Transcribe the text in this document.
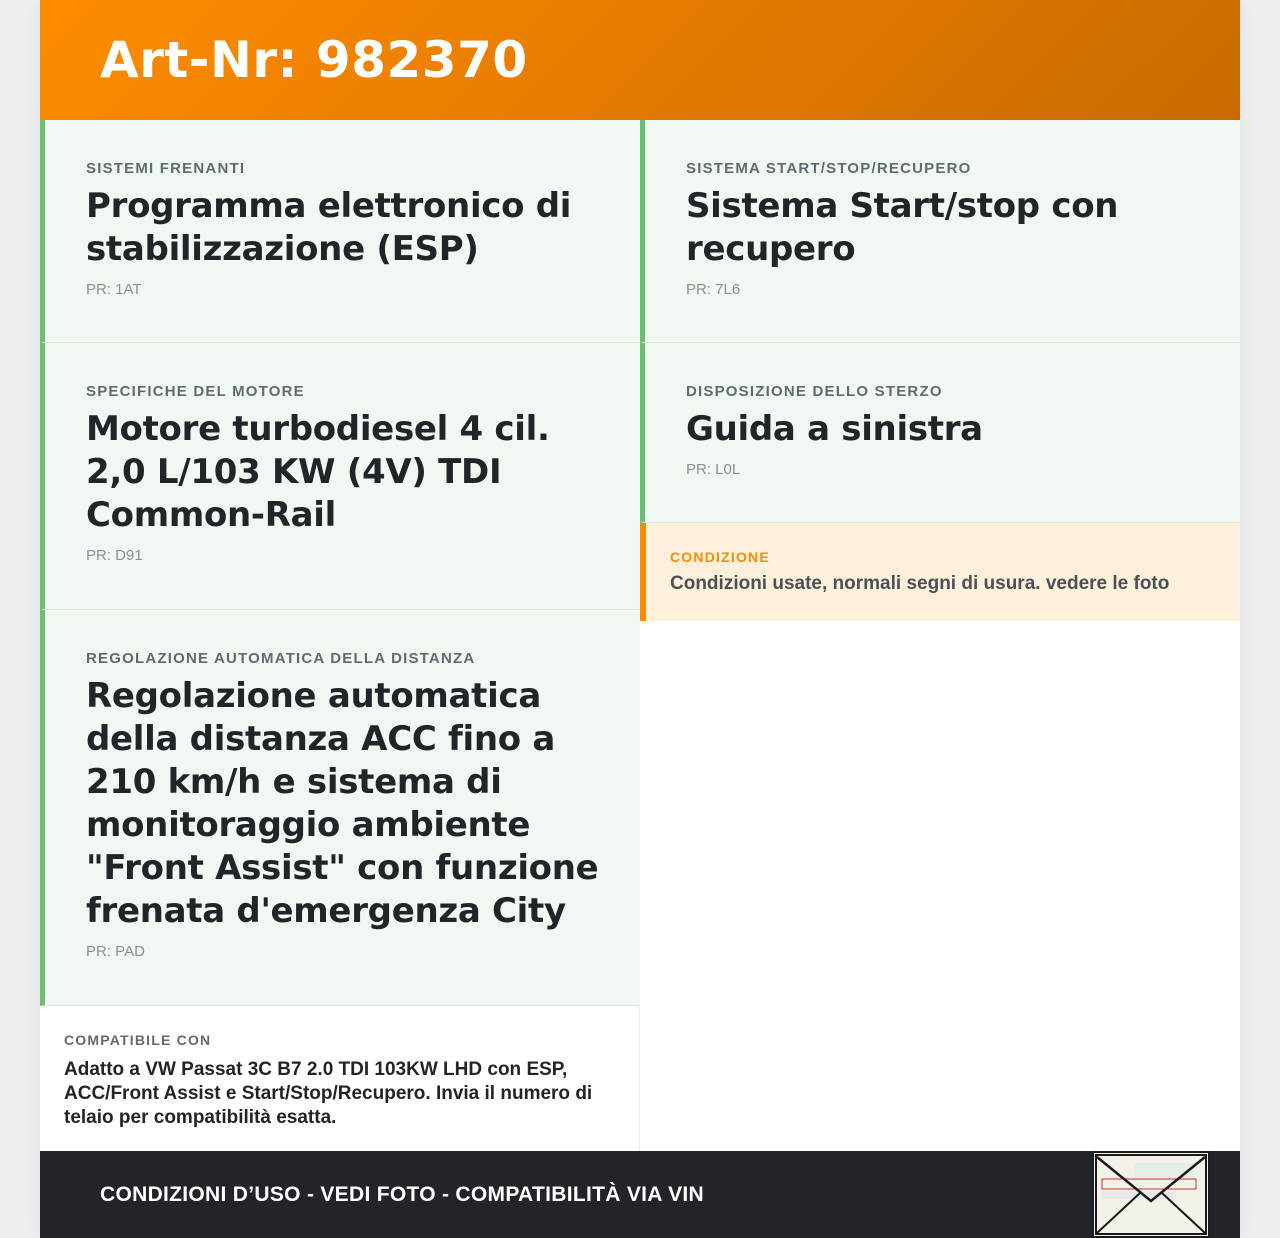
Art-Nr: 982370
SISTEMI FRENANTI
Programma elettronico di stabilizzazione (ESP)
PR: 1AT
SPECIFICHE DEL MOTORE
Motore turbodiesel 4 cil. 2,0 L/103 KW (4V) TDI Common-Rail
PR: D91
REGOLAZIONE AUTOMATICA DELLA DISTANZA
Regolazione automatica della distanza ACC fino a 210 km/h e sistema di monitoraggio ambiente "Front Assist" con funzione frenata d'emergenza City
PR: PAD
COMPATIBILE CON
Adatto a VW Passat 3C B7 2.0 TDI 103KW LHD con ESP, ACC/Front Assist e Start/Stop/Recupero. Invia il numero di telaio per compatibilità esatta.
SISTEMA START/STOP/RECUPERO
Sistema Start/stop con recupero
PR: 7L6
DISPOSIZIONE DELLO STERZO
Guida a sinistra
PR: L0L
CONDIZIONE
Condizioni usate, normali segni di usura. vedere le foto
CONDIZIONI D’USO - VEDI FOTO - COMPATIBILITÀ VIA VIN
